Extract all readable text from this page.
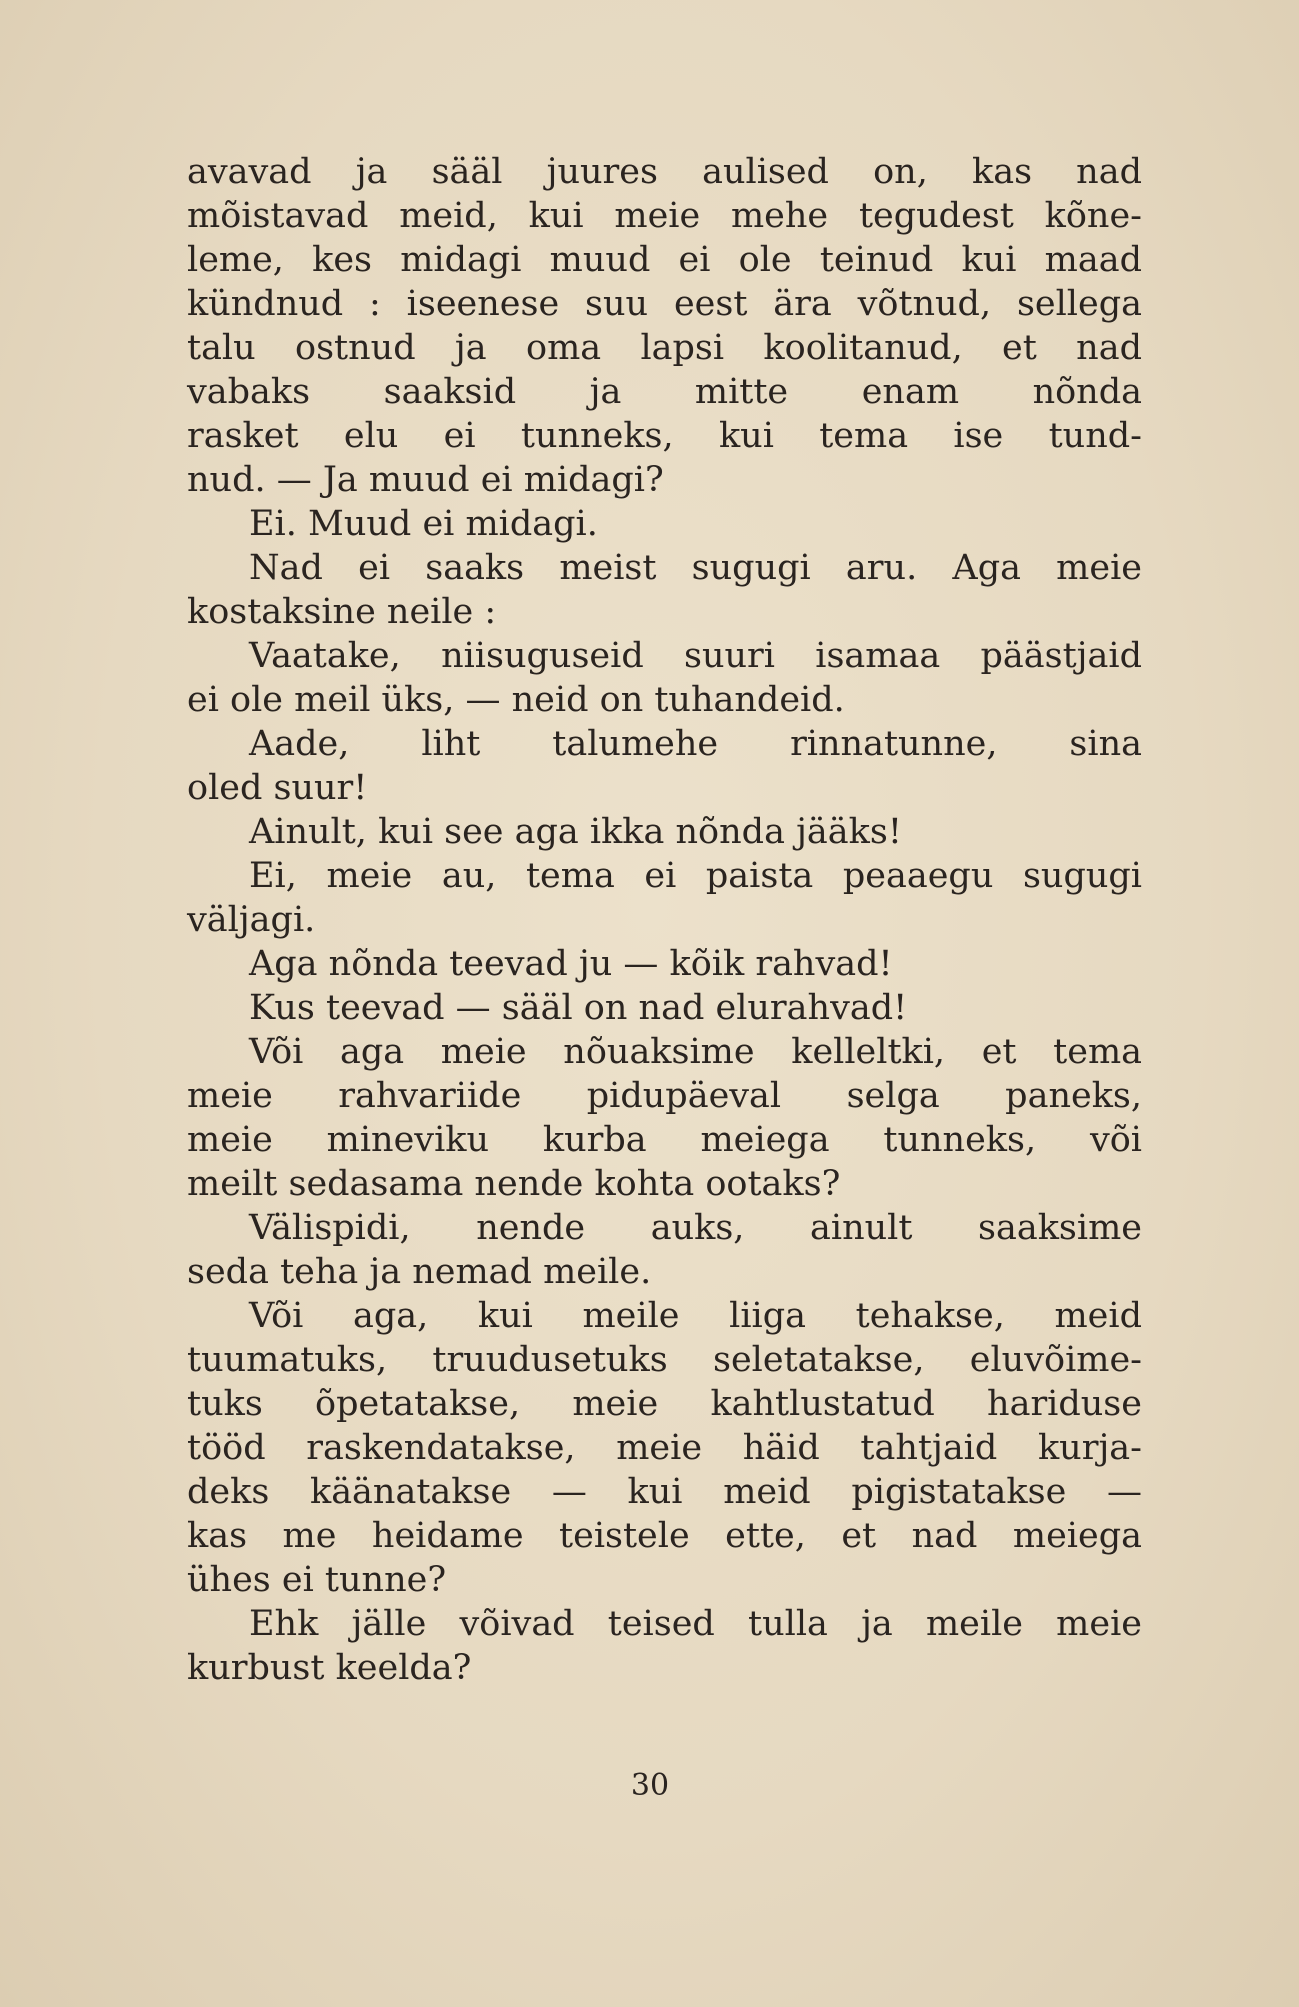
avavad ja sääl juures aulised on, kas nad
mõistavad meid, kui meie mehe tegudest kõne-
leme, kes midagi muud ei ole teinud kui maad
kündnud : iseenese suu eest ära võtnud, sellega
talu ostnud ja oma lapsi koolitanud, et nad
vabaks saaksid ja mitte enam nõnda
rasket elu ei tunneks, kui tema ise tund-
nud. — Ja muud ei midagi?
Ei. Muud ei midagi.
Nad ei saaks meist sugugi aru. Aga meie
kostaksine neile :
Vaatake, niisuguseid suuri isamaa päästjaid
ei ole meil üks, — neid on tuhandeid.
Aade, liht talumehe rinnatunne, sina
oled suur!
Ainult, kui see aga ikka nõnda jääks!
Ei, meie au, tema ei paista peaaegu sugugi
väljagi.
Aga nõnda teevad ju — kõik rahvad!
Kus teevad — sääl on nad elurahvad!
Või aga meie nõuaksime kelleltki, et tema
meie rahvariide pidupäeval selga paneks,
meie mineviku kurba meiega tunneks, või
meilt sedasama nende kohta ootaks?
Välispidi, nende auks, ainult saaksime
seda teha ja nemad meile.
Või aga, kui meile liiga tehakse, meid
tuumatuks, truudusetuks seletatakse, eluvõime-
tuks õpetatakse, meie kahtlustatud hariduse
tööd raskendatakse, meie häid tahtjaid kurja-
deks käänatakse — kui meid pigistatakse —
kas me heidame teistele ette, et nad meiega
ühes ei tunne?
Ehk jälle võivad teised tulla ja meile meie
kurbust keelda?
30
